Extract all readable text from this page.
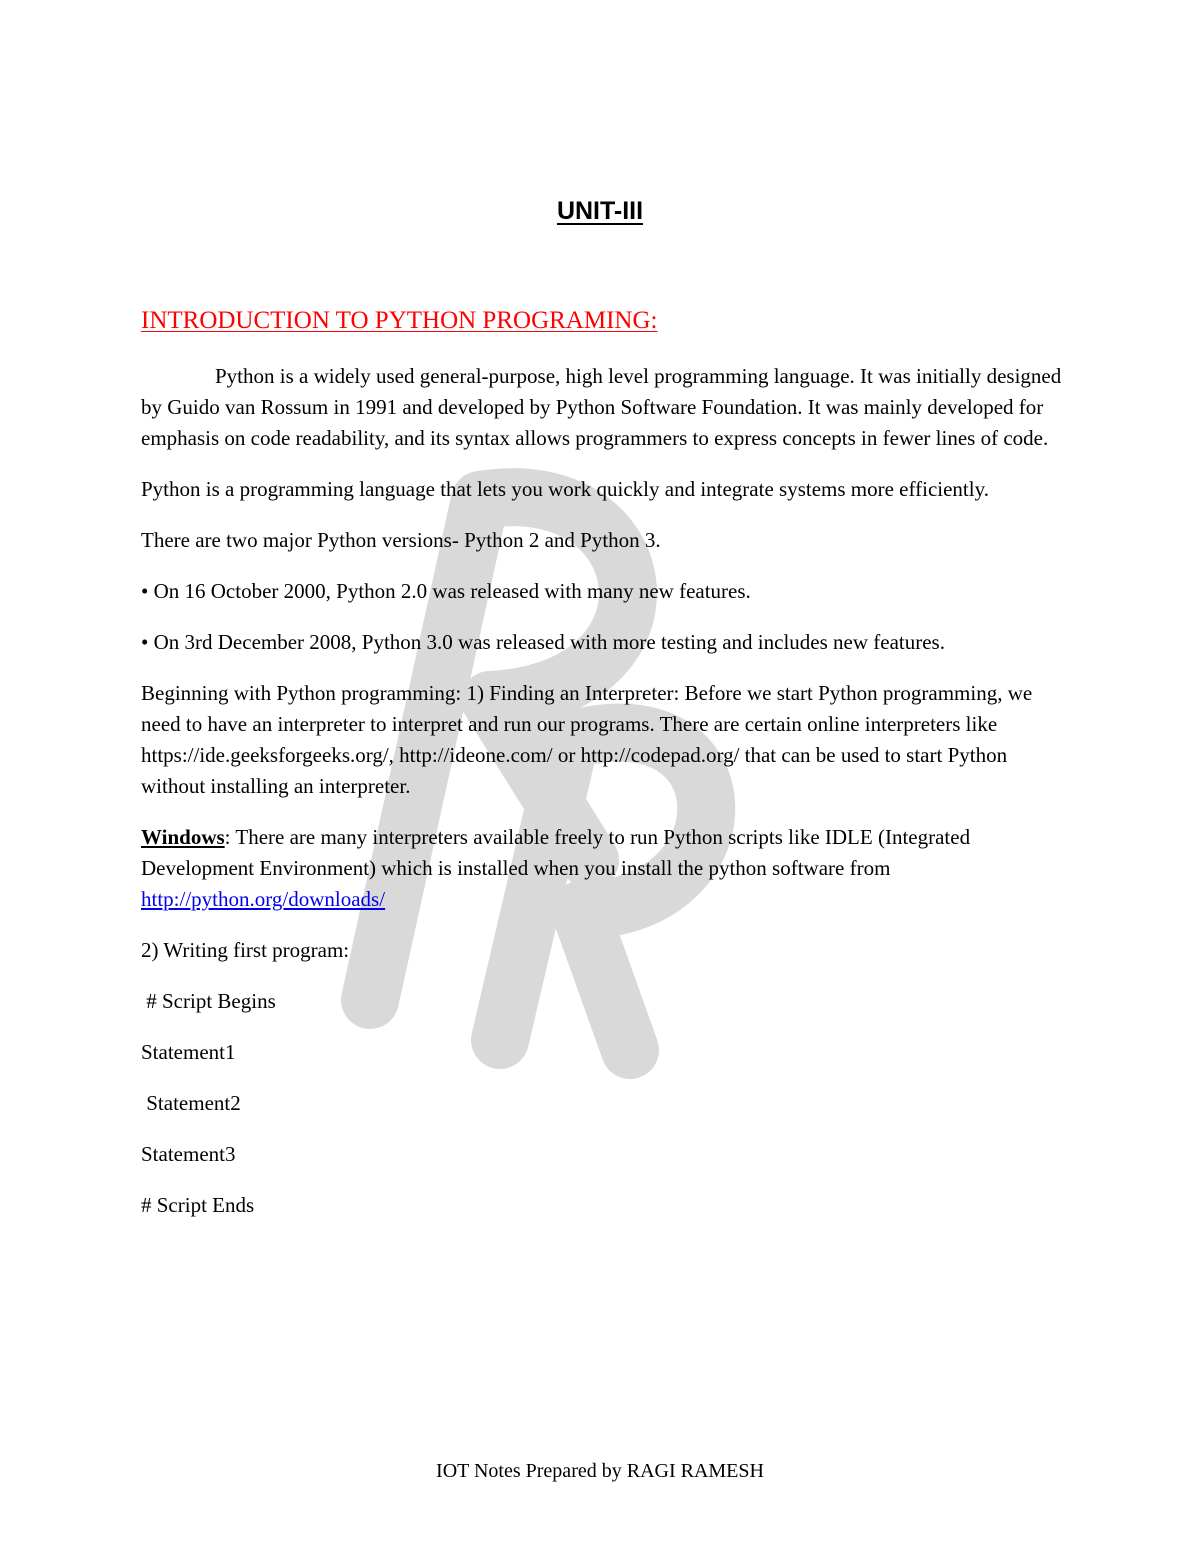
UNIT-III
INTRODUCTION TO PYTHON PROGRAMING:

Python is a widely used general-purpose, high level programming language. It was initially designed by Guido van Rossum in 1991 and developed by Python Software Foundation. It was mainly developed for emphasis on code readability, and its syntax allows programmers to express concepts in fewer lines of code.

Python is a programming language that lets you work quickly and integrate systems more efficiently.

There are two major Python versions- Python 2 and Python 3.

• On 16 October 2000, Python 2.0 was released with many new features.

• On 3rd December 2008, Python 3.0 was released with more testing and includes new features.

Beginning with Python programming: 1) Finding an Interpreter: Before we start Python programming, we need to have an interpreter to interpret and run our programs. There are certain online interpreters like https://ide.geeksforgeeks.org/, http://ideone.com/ or http://codepad.org/ that can be used to start Python without installing an interpreter.

Windows: There are many interpreters available freely to run Python scripts like IDLE (Integrated Development Environment) which is installed when you install the python software from http://python.org/downloads/

2) Writing first program:

# Script Begins
Statement1
Statement2
Statement3
# Script Ends
IOT Notes Prepared by RAGI RAMESH
